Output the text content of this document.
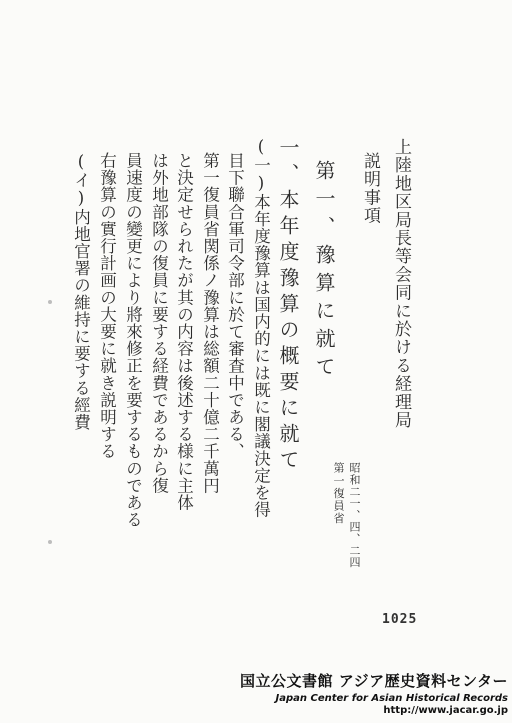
上陸地区局長等会同に於ける経理局
説明事項
昭和二一、四、二四
第一復員省
第一、豫算に就て
一、本年度豫算の概要に就て
(一)本年度豫算は国内的には既に閣議決定を得
目下聯合軍司令部に於て審査中である、
第一復員省関係ノ豫算は総額二十億二千萬円
と決定せられたが其の内容は後述する様に主体
は外地部隊の復員に要する経費であるから復
員速度の變更により將來修正を要するものである
右豫算の實行計画の大要に就き説明する
(イ)内地官署の維持に要する經費
1025
国立公文書館 アジア歴史資料センター
Japan Center for Asian Historical Records
http://www.jacar.go.jp
